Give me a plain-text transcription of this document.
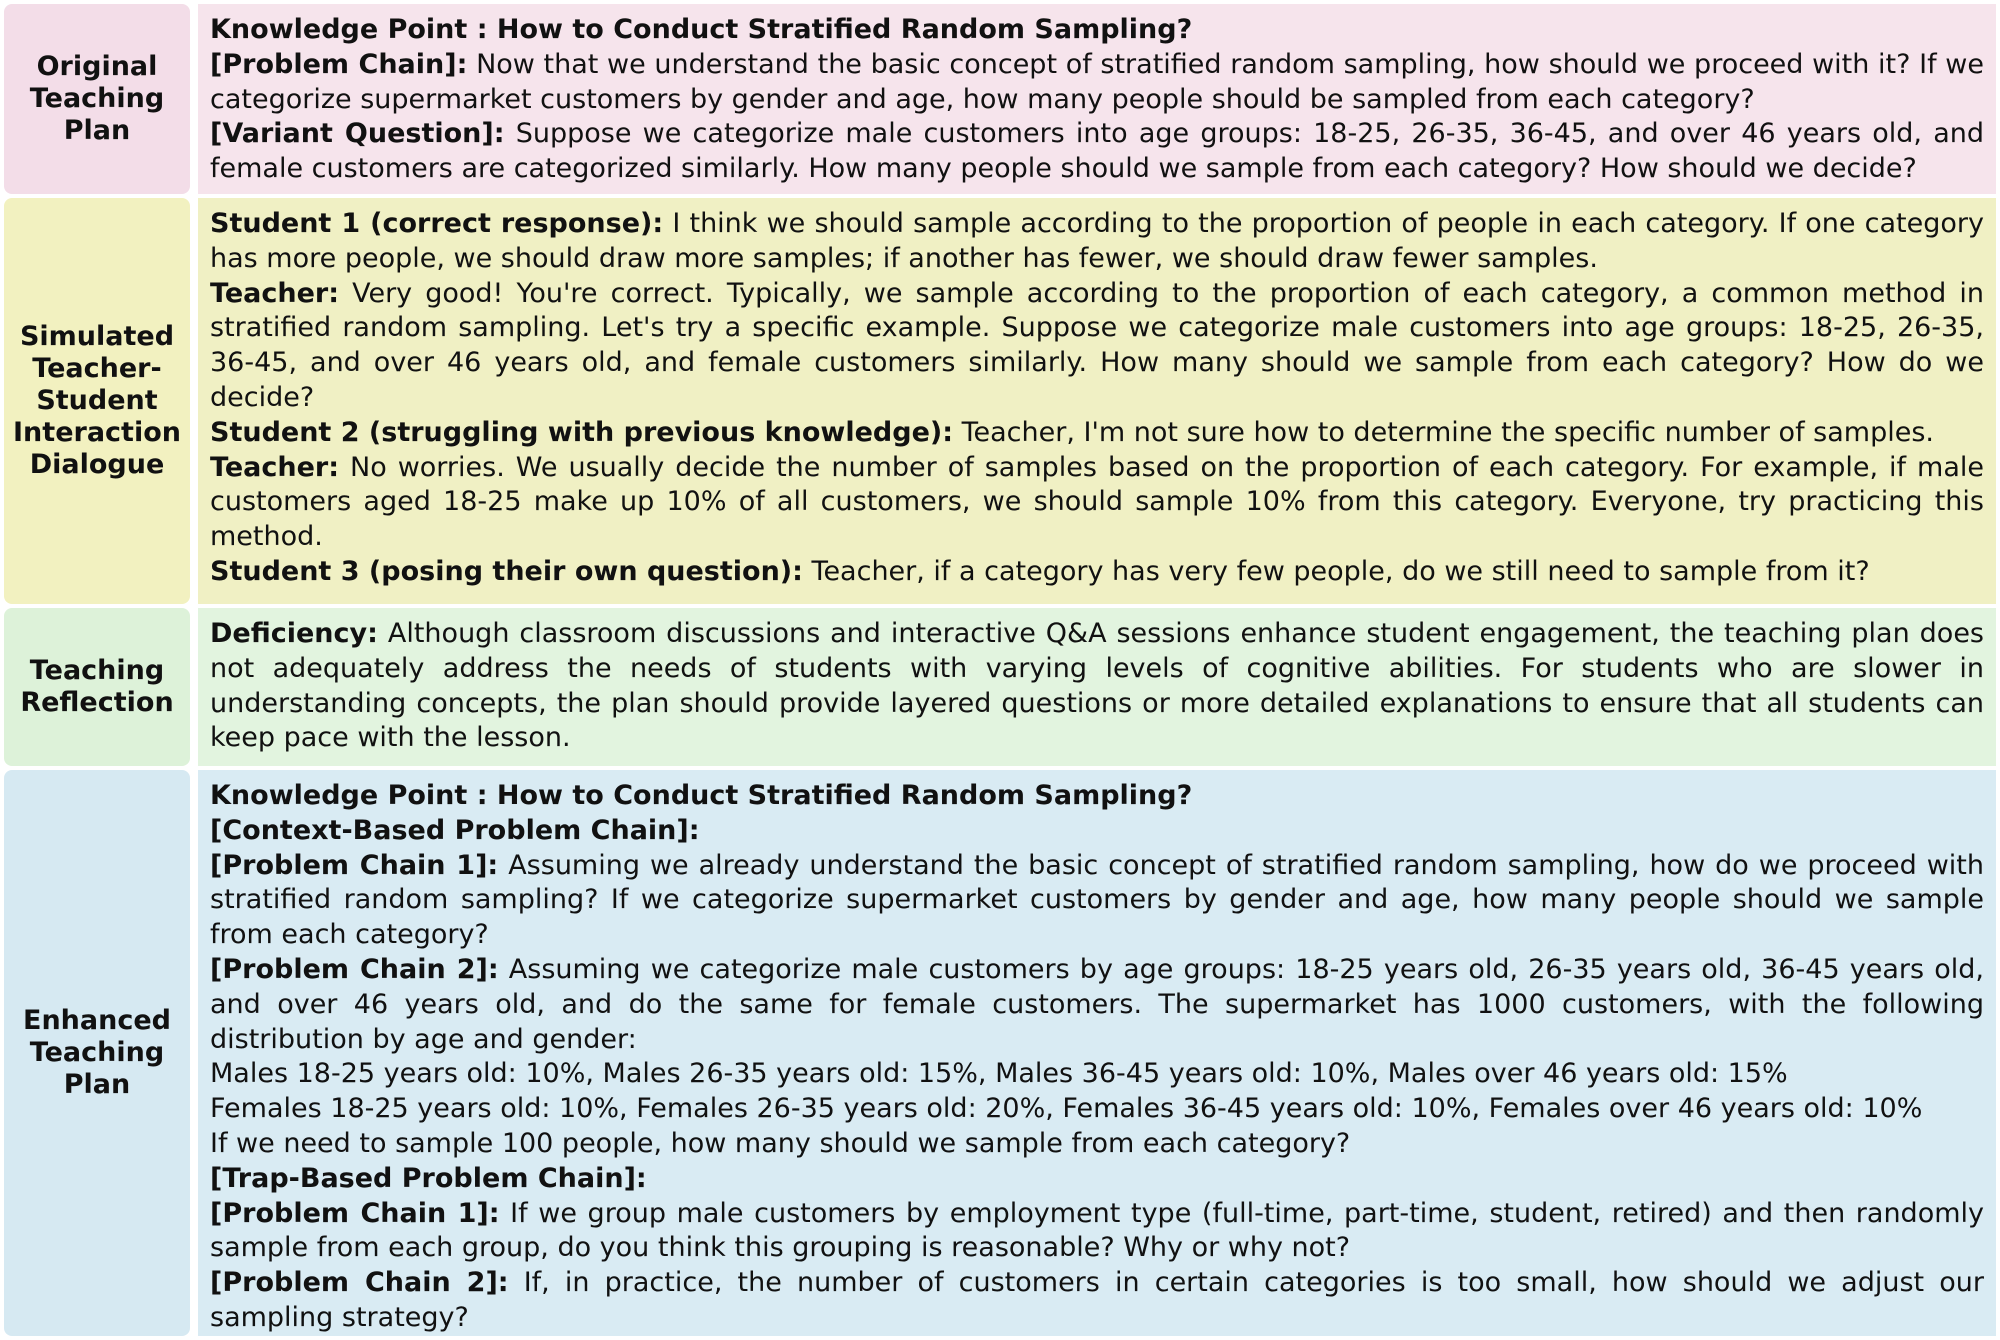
Original
Teaching
Plan
Knowledge Point : How to Conduct Stratified Random Sampling?
[Problem Chain]: Now that we understand the basic concept of stratified random sampling, how should we proceed with it? If we categorize supermarket customers by gender and age, how many people should be sampled from each category?
[Variant Question]: Suppose we categorize male customers into age groups: 18-25, 26-35, 36-45, and over 46 years old, and female customers are categorized similarly. How many people should we sample from each category? How should we decide?
Simulated
Teacher-
Student
Interaction
Dialogue
Student 1 (correct response): I think we should sample according to the proportion of people in each category. If one category has more people, we should draw more samples; if another has fewer, we should draw fewer samples.
Teacher: Very good! You're correct. Typically, we sample according to the proportion of each category, a common method in stratified random sampling. Let's try a specific example. Suppose we categorize male customers into age groups: 18-25, 26-35, 36-45, and over 46 years old, and female customers similarly. How many should we sample from each category? How do we decide?
Student 2 (struggling with previous knowledge): Teacher, I'm not sure how to determine the specific number of samples.
Teacher: No worries. We usually decide the number of samples based on the proportion of each category. For example, if male customers aged 18-25 make up 10% of all customers, we should sample 10% from this category. Everyone, try practicing this method.
Student 3 (posing their own question): Teacher, if a category has very few people, do we still need to sample from it?
Teaching
Reflection
Deficiency: Although classroom discussions and interactive Q&A sessions enhance student engagement, the teaching plan does not adequately address the needs of students with varying levels of cognitive abilities. For students who are slower in understanding concepts, the plan should provide layered questions or more detailed explanations to ensure that all students can keep pace with the lesson.
Enhanced
Teaching
Plan
Knowledge Point : How to Conduct Stratified Random Sampling?
[Context-Based Problem Chain]:
[Problem Chain 1]: Assuming we already understand the basic concept of stratified random sampling, how do we proceed with stratified random sampling? If we categorize supermarket customers by gender and age, how many people should we sample from each category?
[Problem Chain 2]: Assuming we categorize male customers by age groups: 18-25 years old, 26-35 years old, 36-45 years old, and over 46 years old, and do the same for female customers. The supermarket has 1000 customers, with the following distribution by age and gender:
Males 18-25 years old: 10%, Males 26-35 years old: 15%, Males 36-45 years old: 10%, Males over 46 years old: 15%
Females 18-25 years old: 10%, Females 26-35 years old: 20%, Females 36-45 years old: 10%, Females over 46 years old: 10%
If we need to sample 100 people, how many should we sample from each category?
[Trap-Based Problem Chain]:
[Problem Chain 1]: If we group male customers by employment type (full-time, part-time, student, retired) and then randomly sample from each group, do you think this grouping is reasonable? Why or why not?
[Problem Chain 2]: If, in practice, the number of customers in certain categories is too small, how should we adjust our sampling strategy?
